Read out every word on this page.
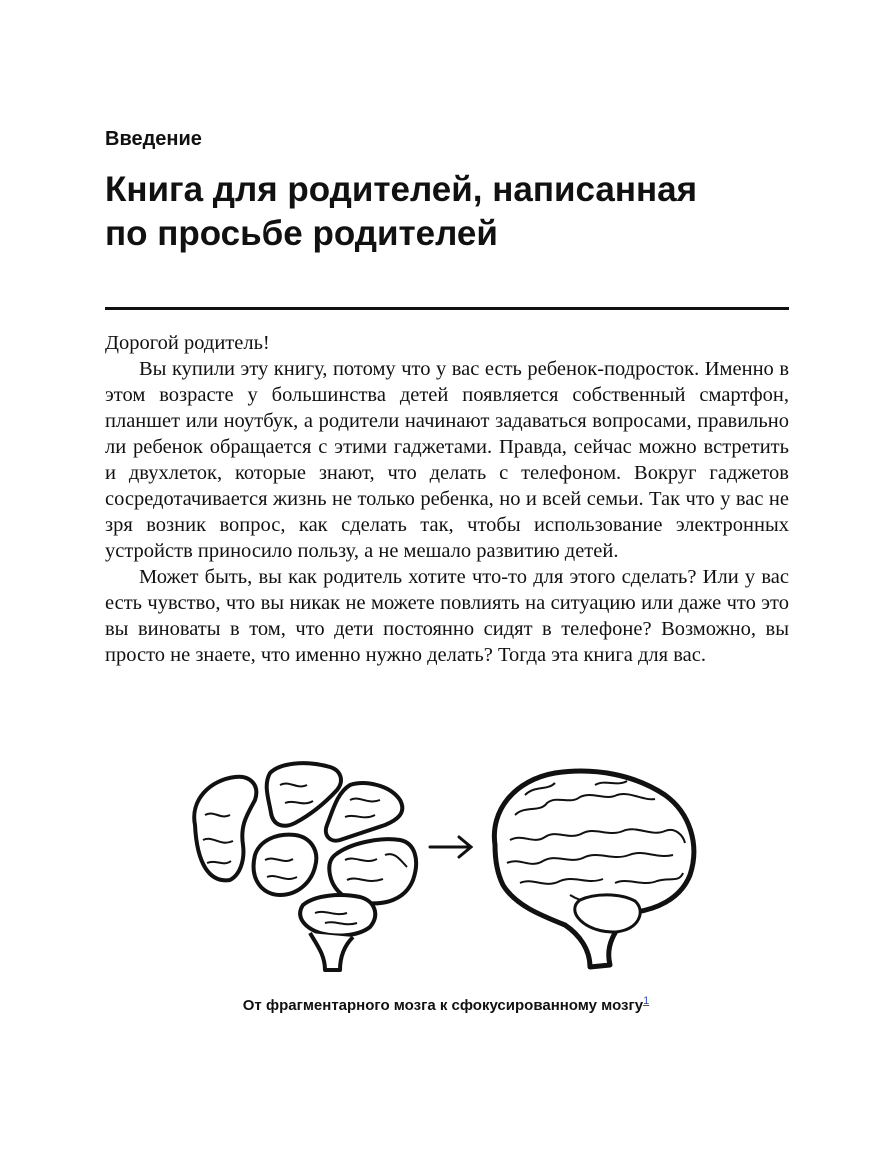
Введение
Книга для родителей, написанная
по просьбе родителей

Дорогой родитель!

Вы купили эту книгу, потому что у вас есть ребенок-подросток. Именно в этом возрасте у большинства детей появляется собственный смартфон, планшет или ноутбук, а родители начинают задаваться вопросами, правильно ли ребенок обращается с этими гаджетами. Правда, сейчас можно встретить и двухлеток, которые знают, что делать с телефоном. Вокруг гаджетов сосредотачивается жизнь не только ребенка, но и всей семьи. Так что у вас не зря возник вопрос, как сделать так, чтобы использование электронных устройств приносило пользу, а не мешало развитию детей.

Может быть, вы как родитель хотите что-то для этого сделать? Или у вас есть чувство, что вы никак не можете повлиять на ситуацию или даже что это вы виноваты в том, что дети постоянно сидят в телефоне? Возможно, вы просто не знаете, что именно нужно делать? Тогда эта книга для вас.

От фрагментарного мозга к сфокусированному мозгу$^1$
